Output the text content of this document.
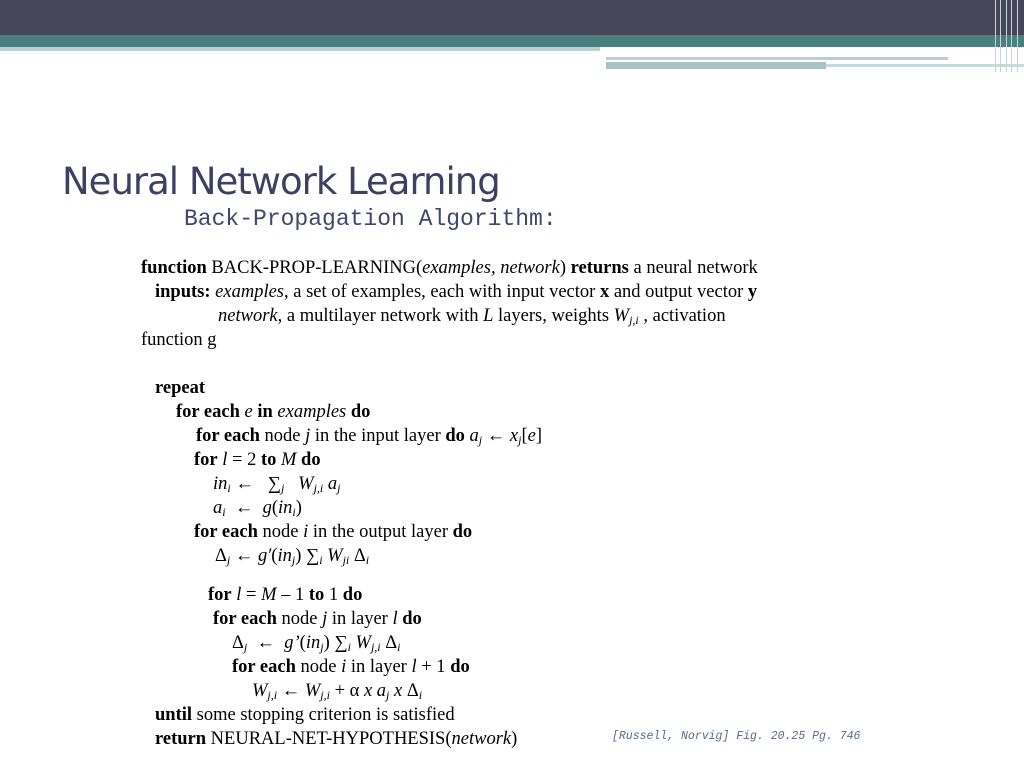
Neural Network Learning
Back-Propagation Algorithm:
function BACK-PROP-LEARNING(examples, network) returns a neural network
inputs: examples, a set of examples, each with input vector x and output vector y
network, a multilayer network with L layers, weights $W_{j,i}$ , activation
function g
repeat
for each e in examples do
for each node j in the input layer do $a_j$ ← $x_j[e]$
for l = 2 to M do
$in_i$ ← $\sum_j$ $W_{j,i}$ $a_j$
$a_i$ ← $g(in_i)$
for each node i in the output layer do
$\Delta_j$ ← $g'(in_j)$ $\sum_i$ $W_{ji}$ $\Delta_i$
for l = M – 1 to 1 do
for each node j in layer l do
$\Delta_j$ ← $g’(in_j)$ $\sum_i$ $W_{j,i}$ $\Delta_i$
for each node i in layer l + 1 do
$W_{j,i}$ ← $W_{j,i} + \alpha$ x $a_j$ x $\Delta_i$
until some stopping criterion is satisfied
return NEURAL-NET-HYPOTHESIS(network)	[Russell, Norvig] Fig. 20.25 Pg. 746
